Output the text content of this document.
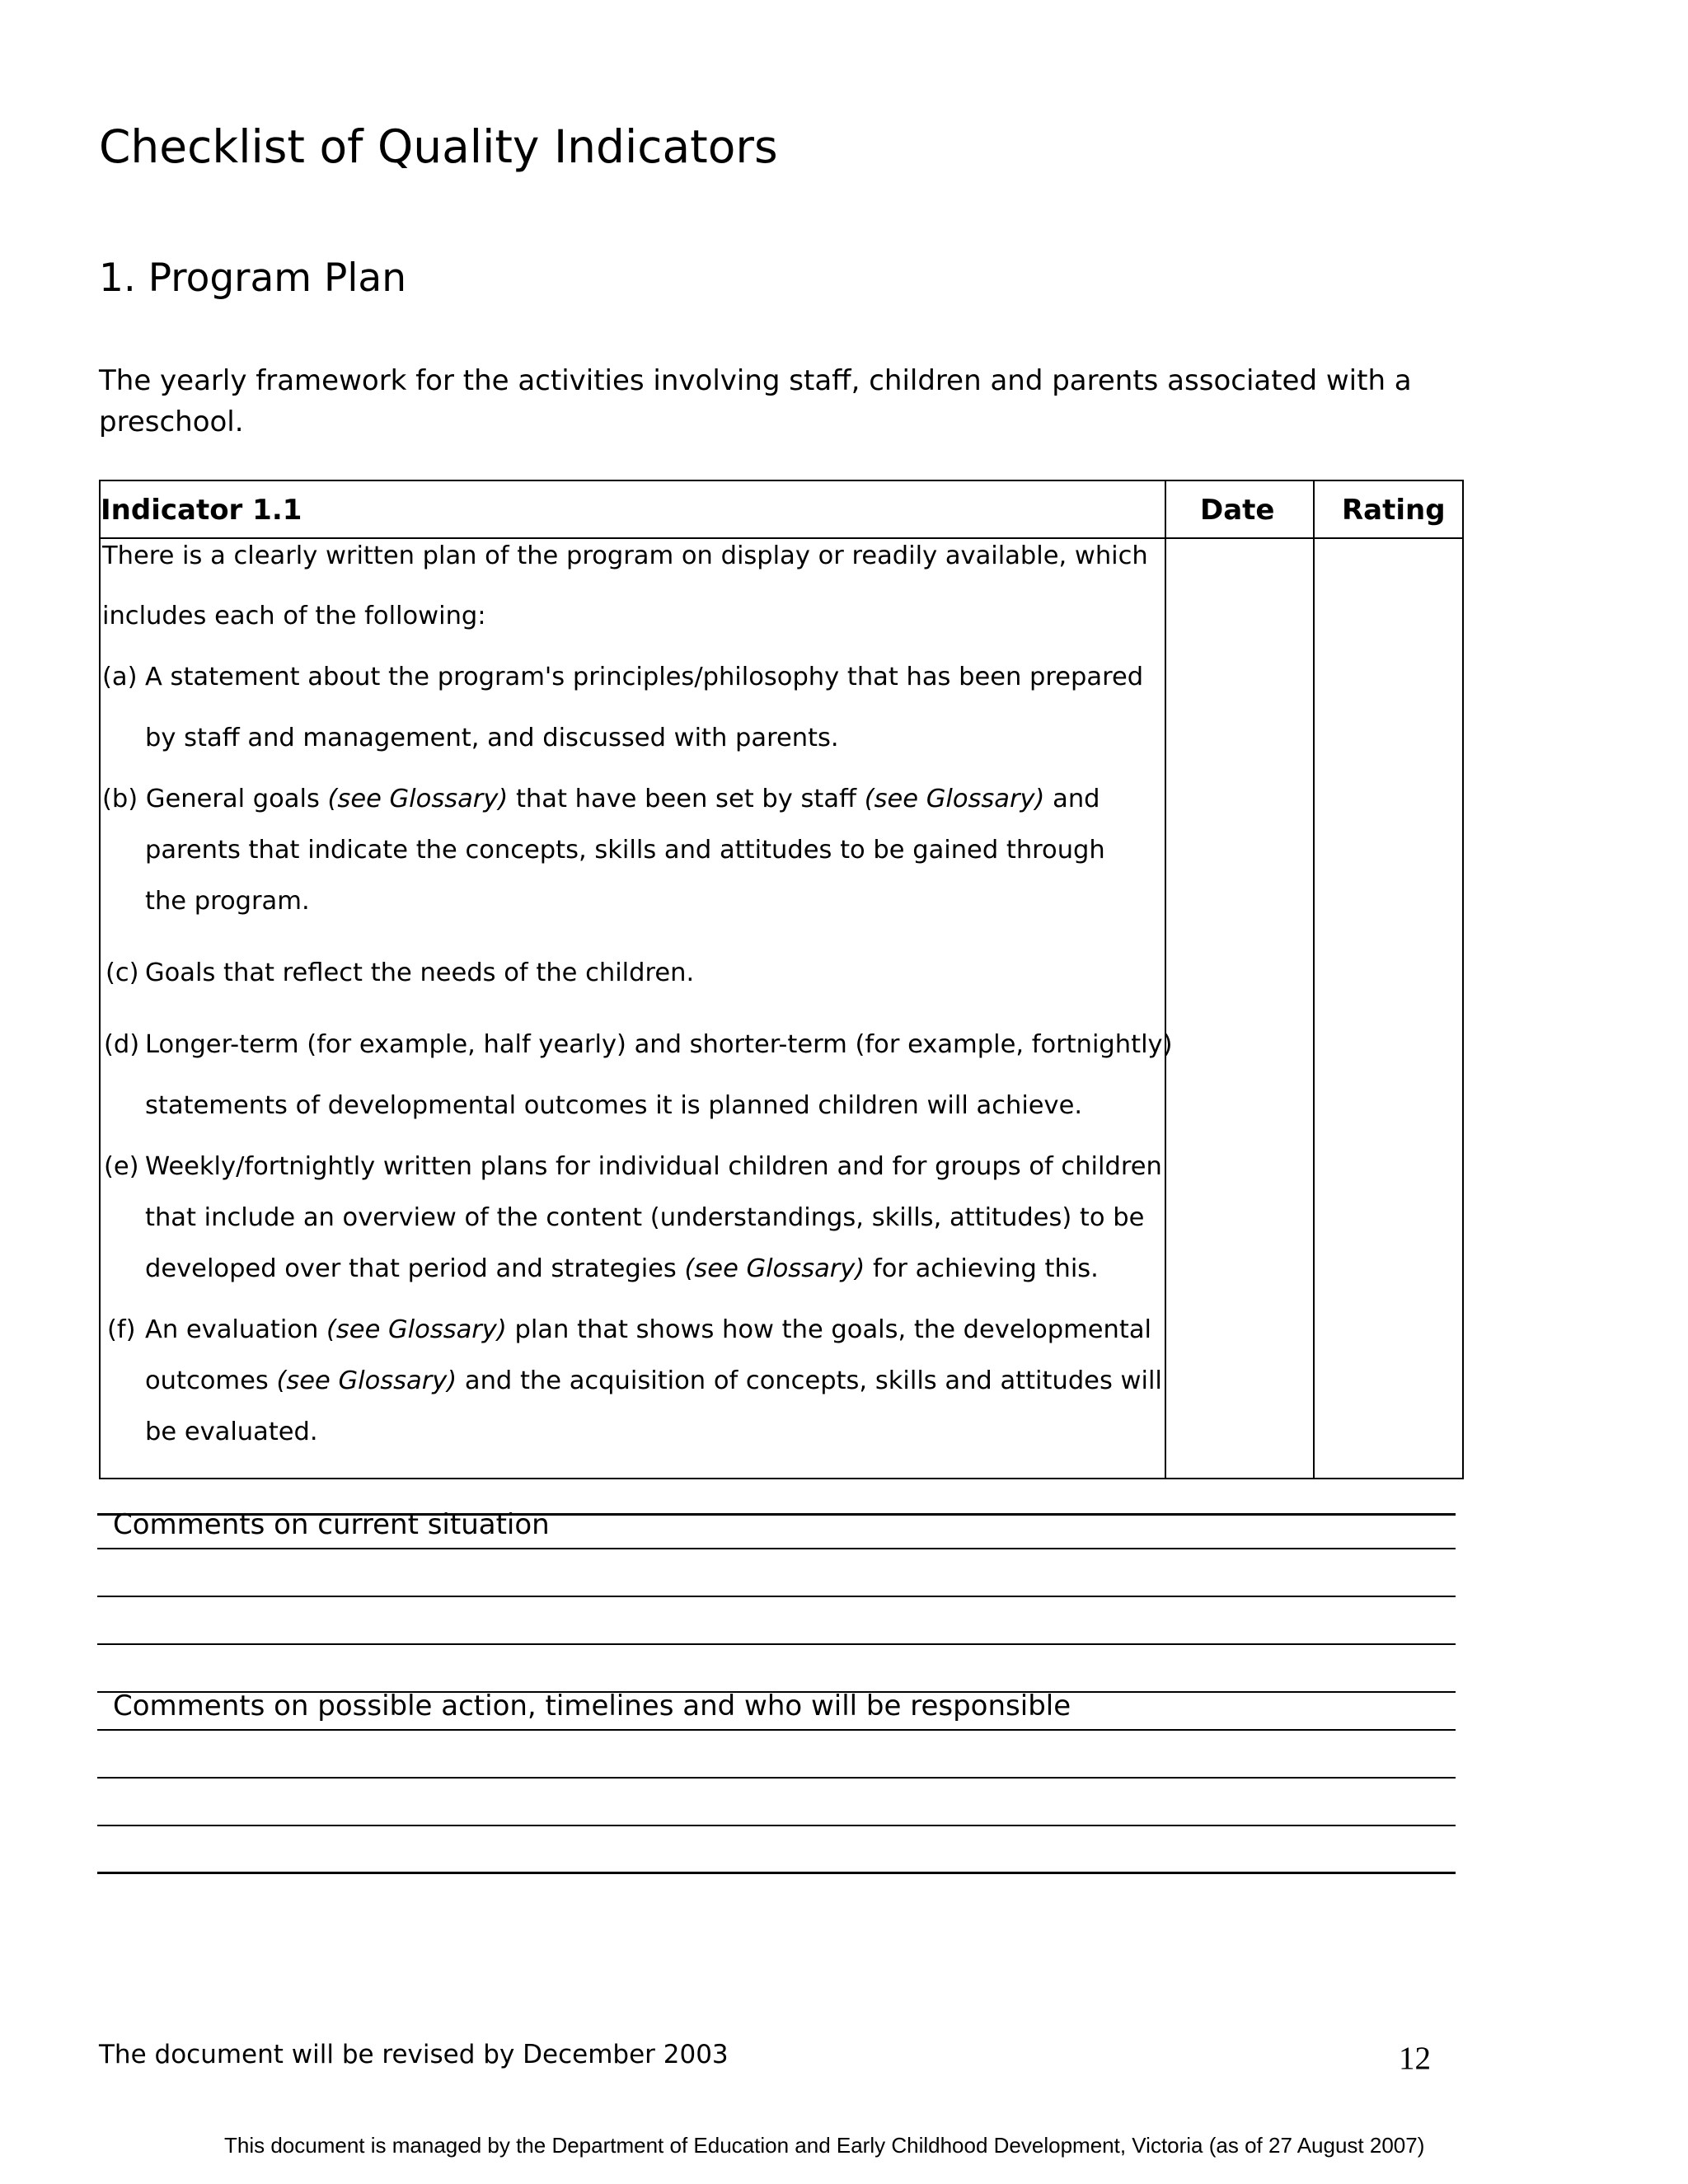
Checklist of Quality Indicators
1. Program Plan

The yearly framework for the activities involving staff, children and parents associated with a preschool.

Indicator 1.1	Date Rating
There is a clearly written plan of the program on display or readily available, which
includes each of the following:
(a) A statement about the program's principles/philosophy that has been prepared
by staff and management, and discussed with parents.
(b) General goals (see Glossary) that have been set by staff (see Glossary) and
parents that indicate the concepts, skills and attitudes to be gained through
the program.
(c) Goals that reflect the needs of the children.
(d) Longer-term (for example, half yearly) and shorter-term (for example, fortnightly)
statements of developmental outcomes it is planned children will achieve.
(e) Weekly/fortnightly written plans for individual children and for groups of children
that include an overview of the content (understandings, skills, attitudes) to be
developed over that period and strategies (see Glossary) for achieving this.
(f) An evaluation (see Glossary) plan that shows how the goals, the developmental
outcomes (see Glossary) and the acquisition of concepts, skills and attitudes will
be evaluated.
Comments on current situation
Comments on possible action, timelines and who will be responsible
The document will be revised by December 2003	12
This document is managed by the Department of Education and Early Childhood Development, Victoria (as of 27 August 2007)
